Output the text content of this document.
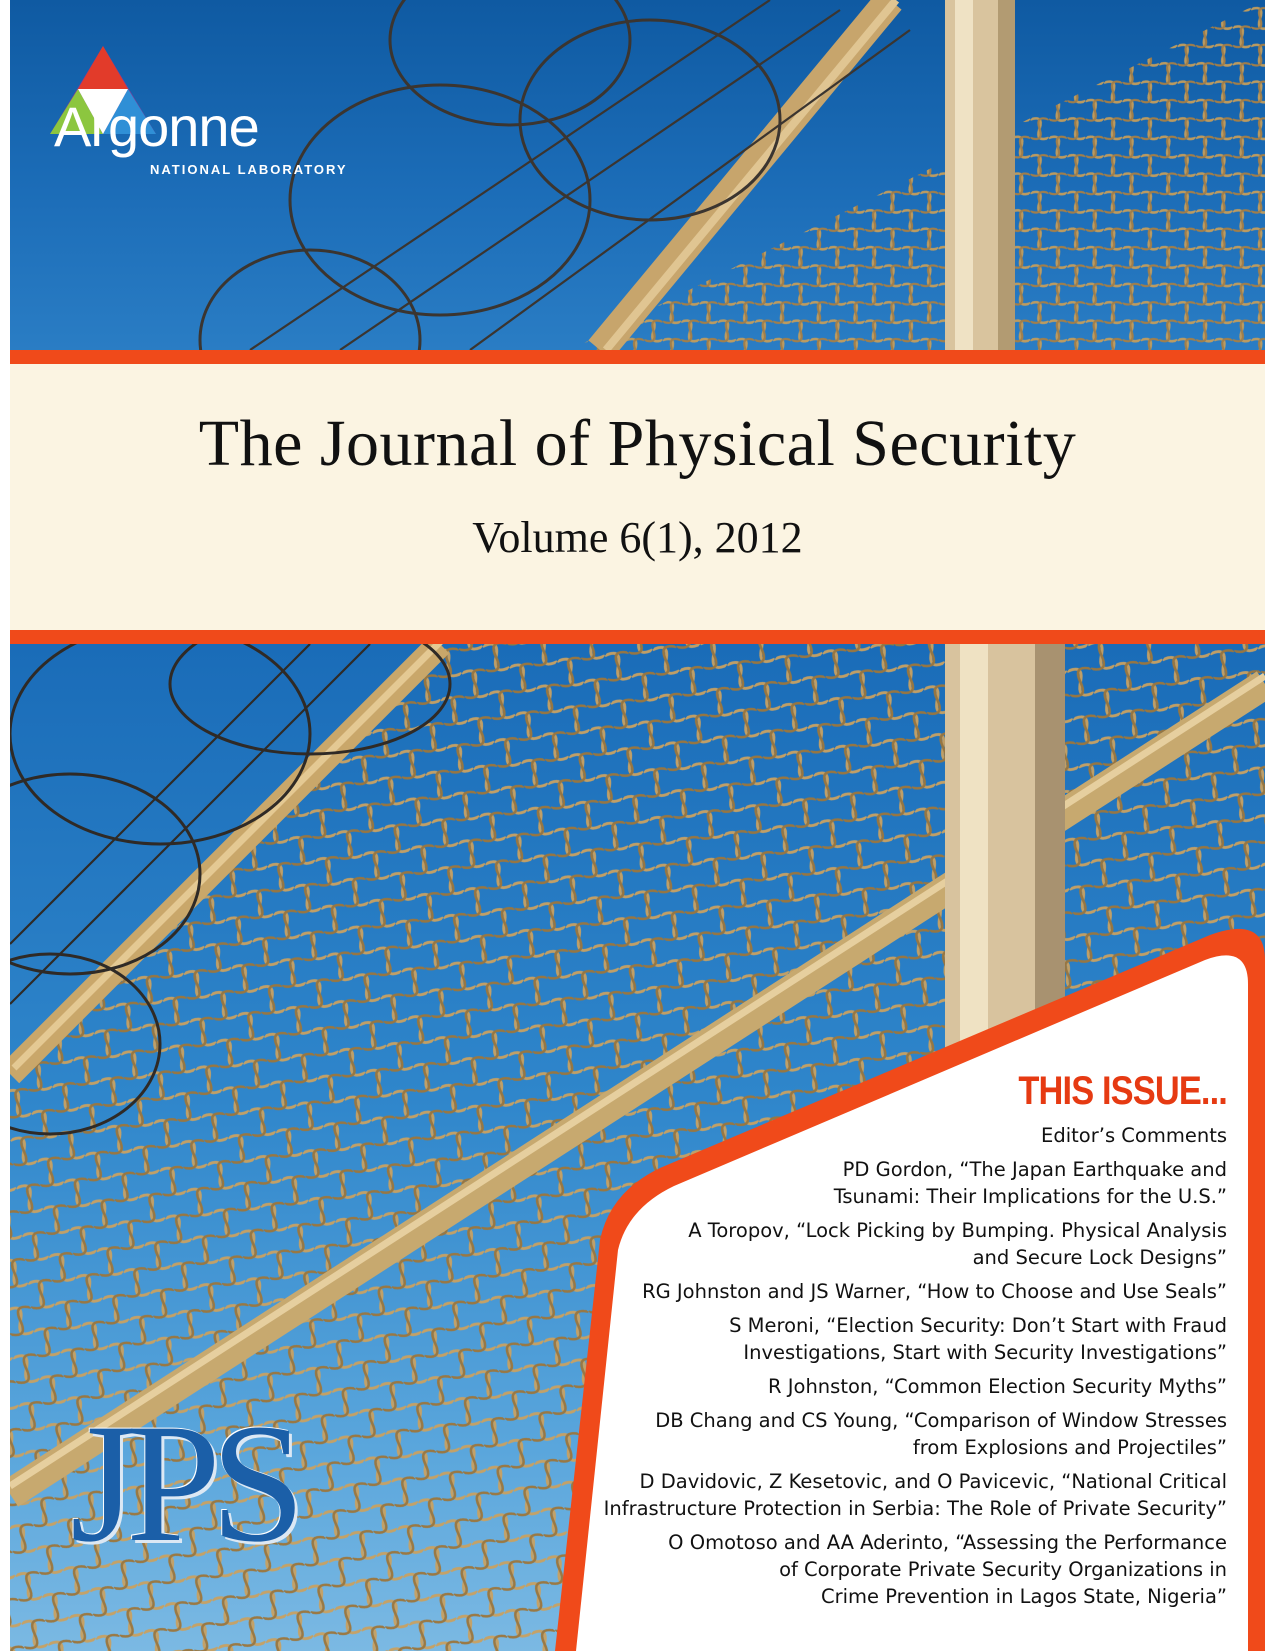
Argonne
NATIONAL LABORATORY
The Journal of Physical Security
Volume 6(1), 2012
THIS ISSUE...
Editor’s Comments
PD Gordon, “The Japan Earthquake and
Tsunami: Their Implications for the U.S.”
A Toropov, “Lock Picking by Bumping. Physical Analysis
and Secure Lock Designs”
RG Johnston and JS Warner, “How to Choose and Use Seals”
S Meroni, “Election Security: Don’t Start with Fraud
Investigations, Start with Security Investigations”
R Johnston, “Common Election Security Myths”
DB Chang and CS Young, “Comparison of Window Stresses
from Explosions and Projectiles”
D Davidovic, Z Kesetovic, and O Pavicevic, “National Critical
Infrastructure Protection in Serbia: The Role of Private Security”
O Omotoso and AA Aderinto, “Assessing the Performance
of Corporate Private Security Organizations in
Crime Prevention in Lagos State, Nigeria”
JPS
